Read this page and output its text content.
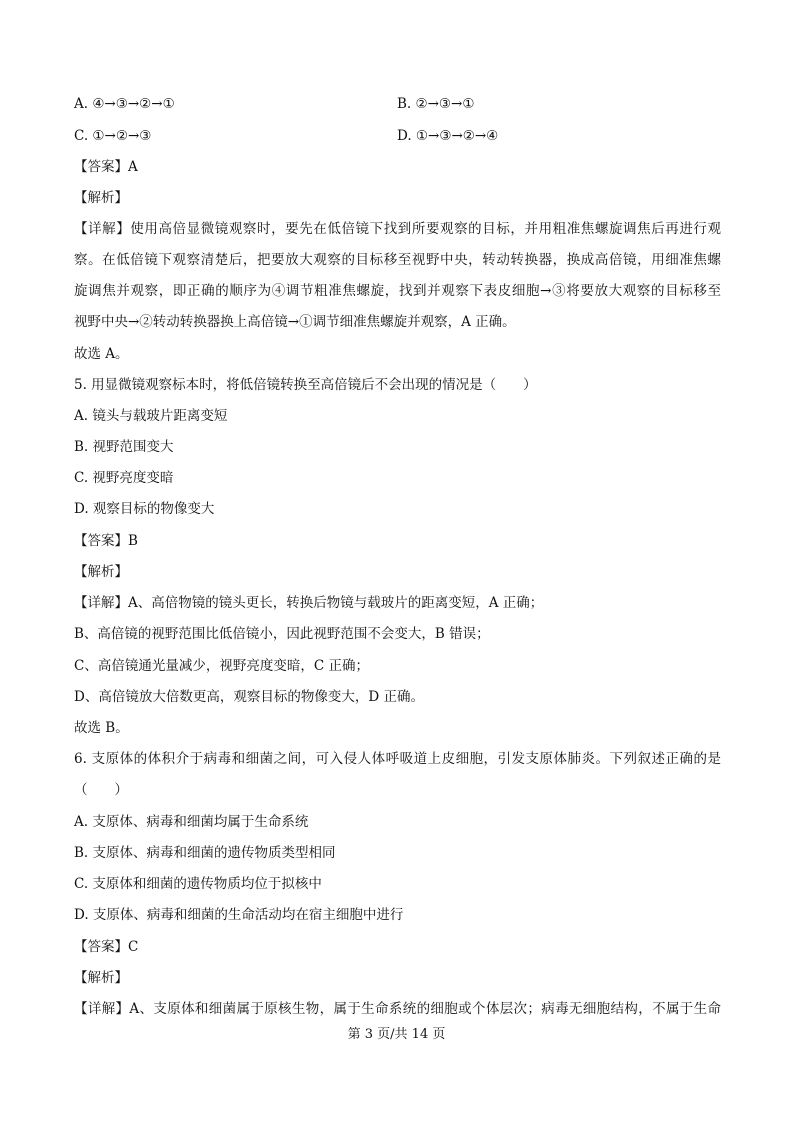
A. ④→③→②→①	B. ②→③→①
C. ①→②→③	D. ①→③→②→④
【答案】A
【解析】
【详解】使用高倍显微镜观察时，要先在低倍镜下找到所要观察的目标，并用粗准焦螺旋调焦后再进行观
察。在低倍镜下观察清楚后，把要放大观察的目标移至视野中央，转动转换器，换成高倍镜，用细准焦螺
旋调焦并观察，即正确的顺序为④调节粗准焦螺旋，找到并观察下表皮细胞→③将要放大观察的目标移至
视野中央→②转动转换器换上高倍镜→①调节细准焦螺旋并观察，A 正确。
故选 A。
5. 用显微镜观察标本时，将低倍镜转换至高倍镜后不会出现的情况是（　　）
A. 镜头与载玻片距离变短
B. 视野范围变大
C. 视野亮度变暗
D. 观察目标的物像变大
【答案】B
【解析】
【详解】A、高倍物镜的镜头更长，转换后物镜与载玻片的距离变短，A 正确；
B、高倍镜的视野范围比低倍镜小，因此视野范围不会变大，B 错误；
C、高倍镜通光量减少，视野亮度变暗，C 正确；
D、高倍镜放大倍数更高，观察目标的物像变大，D 正确。
故选 B。
6. 支原体的体积介于病毒和细菌之间，可入侵人体呼吸道上皮细胞，引发支原体肺炎。下列叙述正确的是
（　　）
A. 支原体、病毒和细菌均属于生命系统
B. 支原体、病毒和细菌的遗传物质类型相同
C. 支原体和细菌的遗传物质均位于拟核中
D. 支原体、病毒和细菌的生命活动均在宿主细胞中进行
【答案】C
【解析】
【详解】A、支原体和细菌属于原核生物，属于生命系统的细胞或个体层次；病毒无细胞结构，不属于生命
第 3 页/共 14 页
